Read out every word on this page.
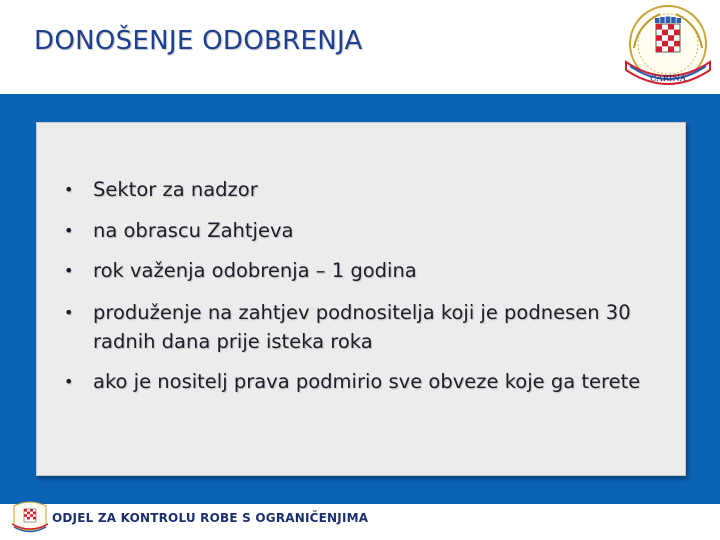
DONOŠENJE ODOBRENJA
CARINA
• Sektor za nadzor
• na obrascu Zahtjeva
• rok važenja odobrenja – 1 godina
• produženje na zahtjev podnositelja koji je podnesen 30 radnih dana prije isteka roka
• ako je nositelj prava podmirio sve obveze koje ga terete
ODJEL ZA KONTROLU ROBE S OGRANIČENJIMA
